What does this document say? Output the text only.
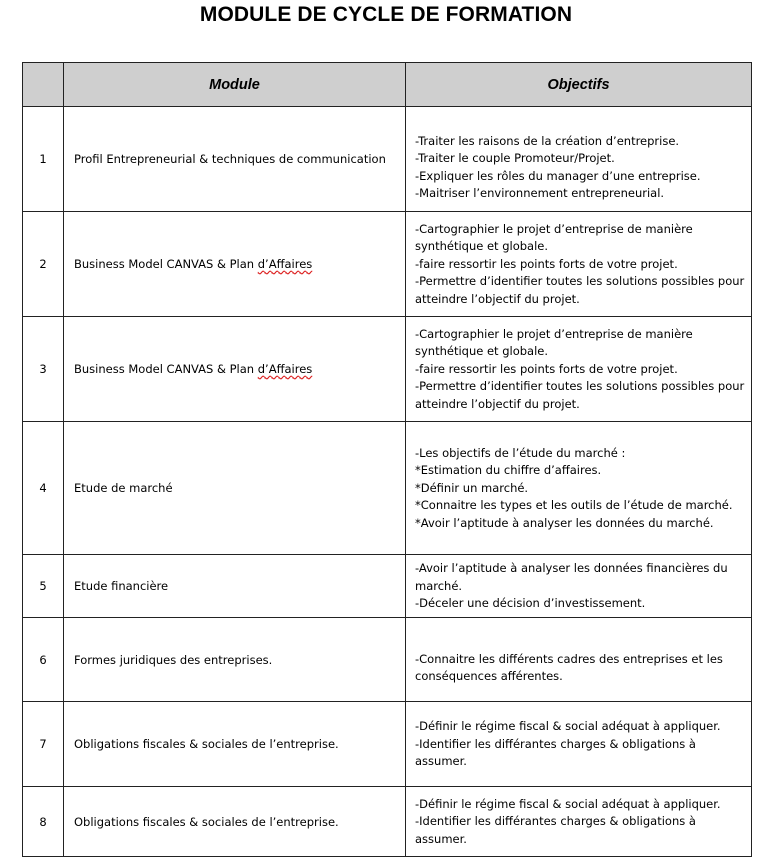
MODULE DE CYCLE DE FORMATION
	Module	Objectifs
1	Profil Entrepreneurial & techniques de communication	-Traiter les raisons de la création d’entreprise.
-Traiter le couple Promoteur/Projet.
-Expliquer les rôles du manager d’une entreprise.
-Maitriser l’environnement entrepreneurial.

2	Business Model CANVAS & Plan d’Affaires	-Cartographier le projet d’entreprise de manière synthétique et globale.
-faire ressortir les points forts de votre projet.
-Permettre d’identifier toutes les solutions possibles pour atteindre l’objectif du projet.

3	Business Model CANVAS & Plan d’Affaires	-Cartographier le projet d’entreprise de manière synthétique et globale.
-faire ressortir les points forts de votre projet.
-Permettre d’identifier toutes les solutions possibles pour atteindre l’objectif du projet.

4	Etude de marché	-Les objectifs de l’étude du marché :
*Estimation du chiffre d’affaires.
*Définir un marché.
*Connaitre les types et les outils de l’étude de marché.
*Avoir l’aptitude à analyser les données du marché.

5	Etude financière	-Avoir l’aptitude à analyser les données financières du marché.
-Déceler une décision d’investissement.

6	Formes juridiques des entreprises.	-Connaitre les différents cadres des entreprises et les conséquences afférentes.

7	Obligations fiscales & sociales de l’entreprise.	-Définir le régime fiscal & social adéquat à appliquer.
-Identifier les différantes charges & obligations à assumer.

8	Obligations fiscales & sociales de l’entreprise.	-Définir le régime fiscal & social adéquat à appliquer.
-Identifier les différantes charges & obligations à assumer.
